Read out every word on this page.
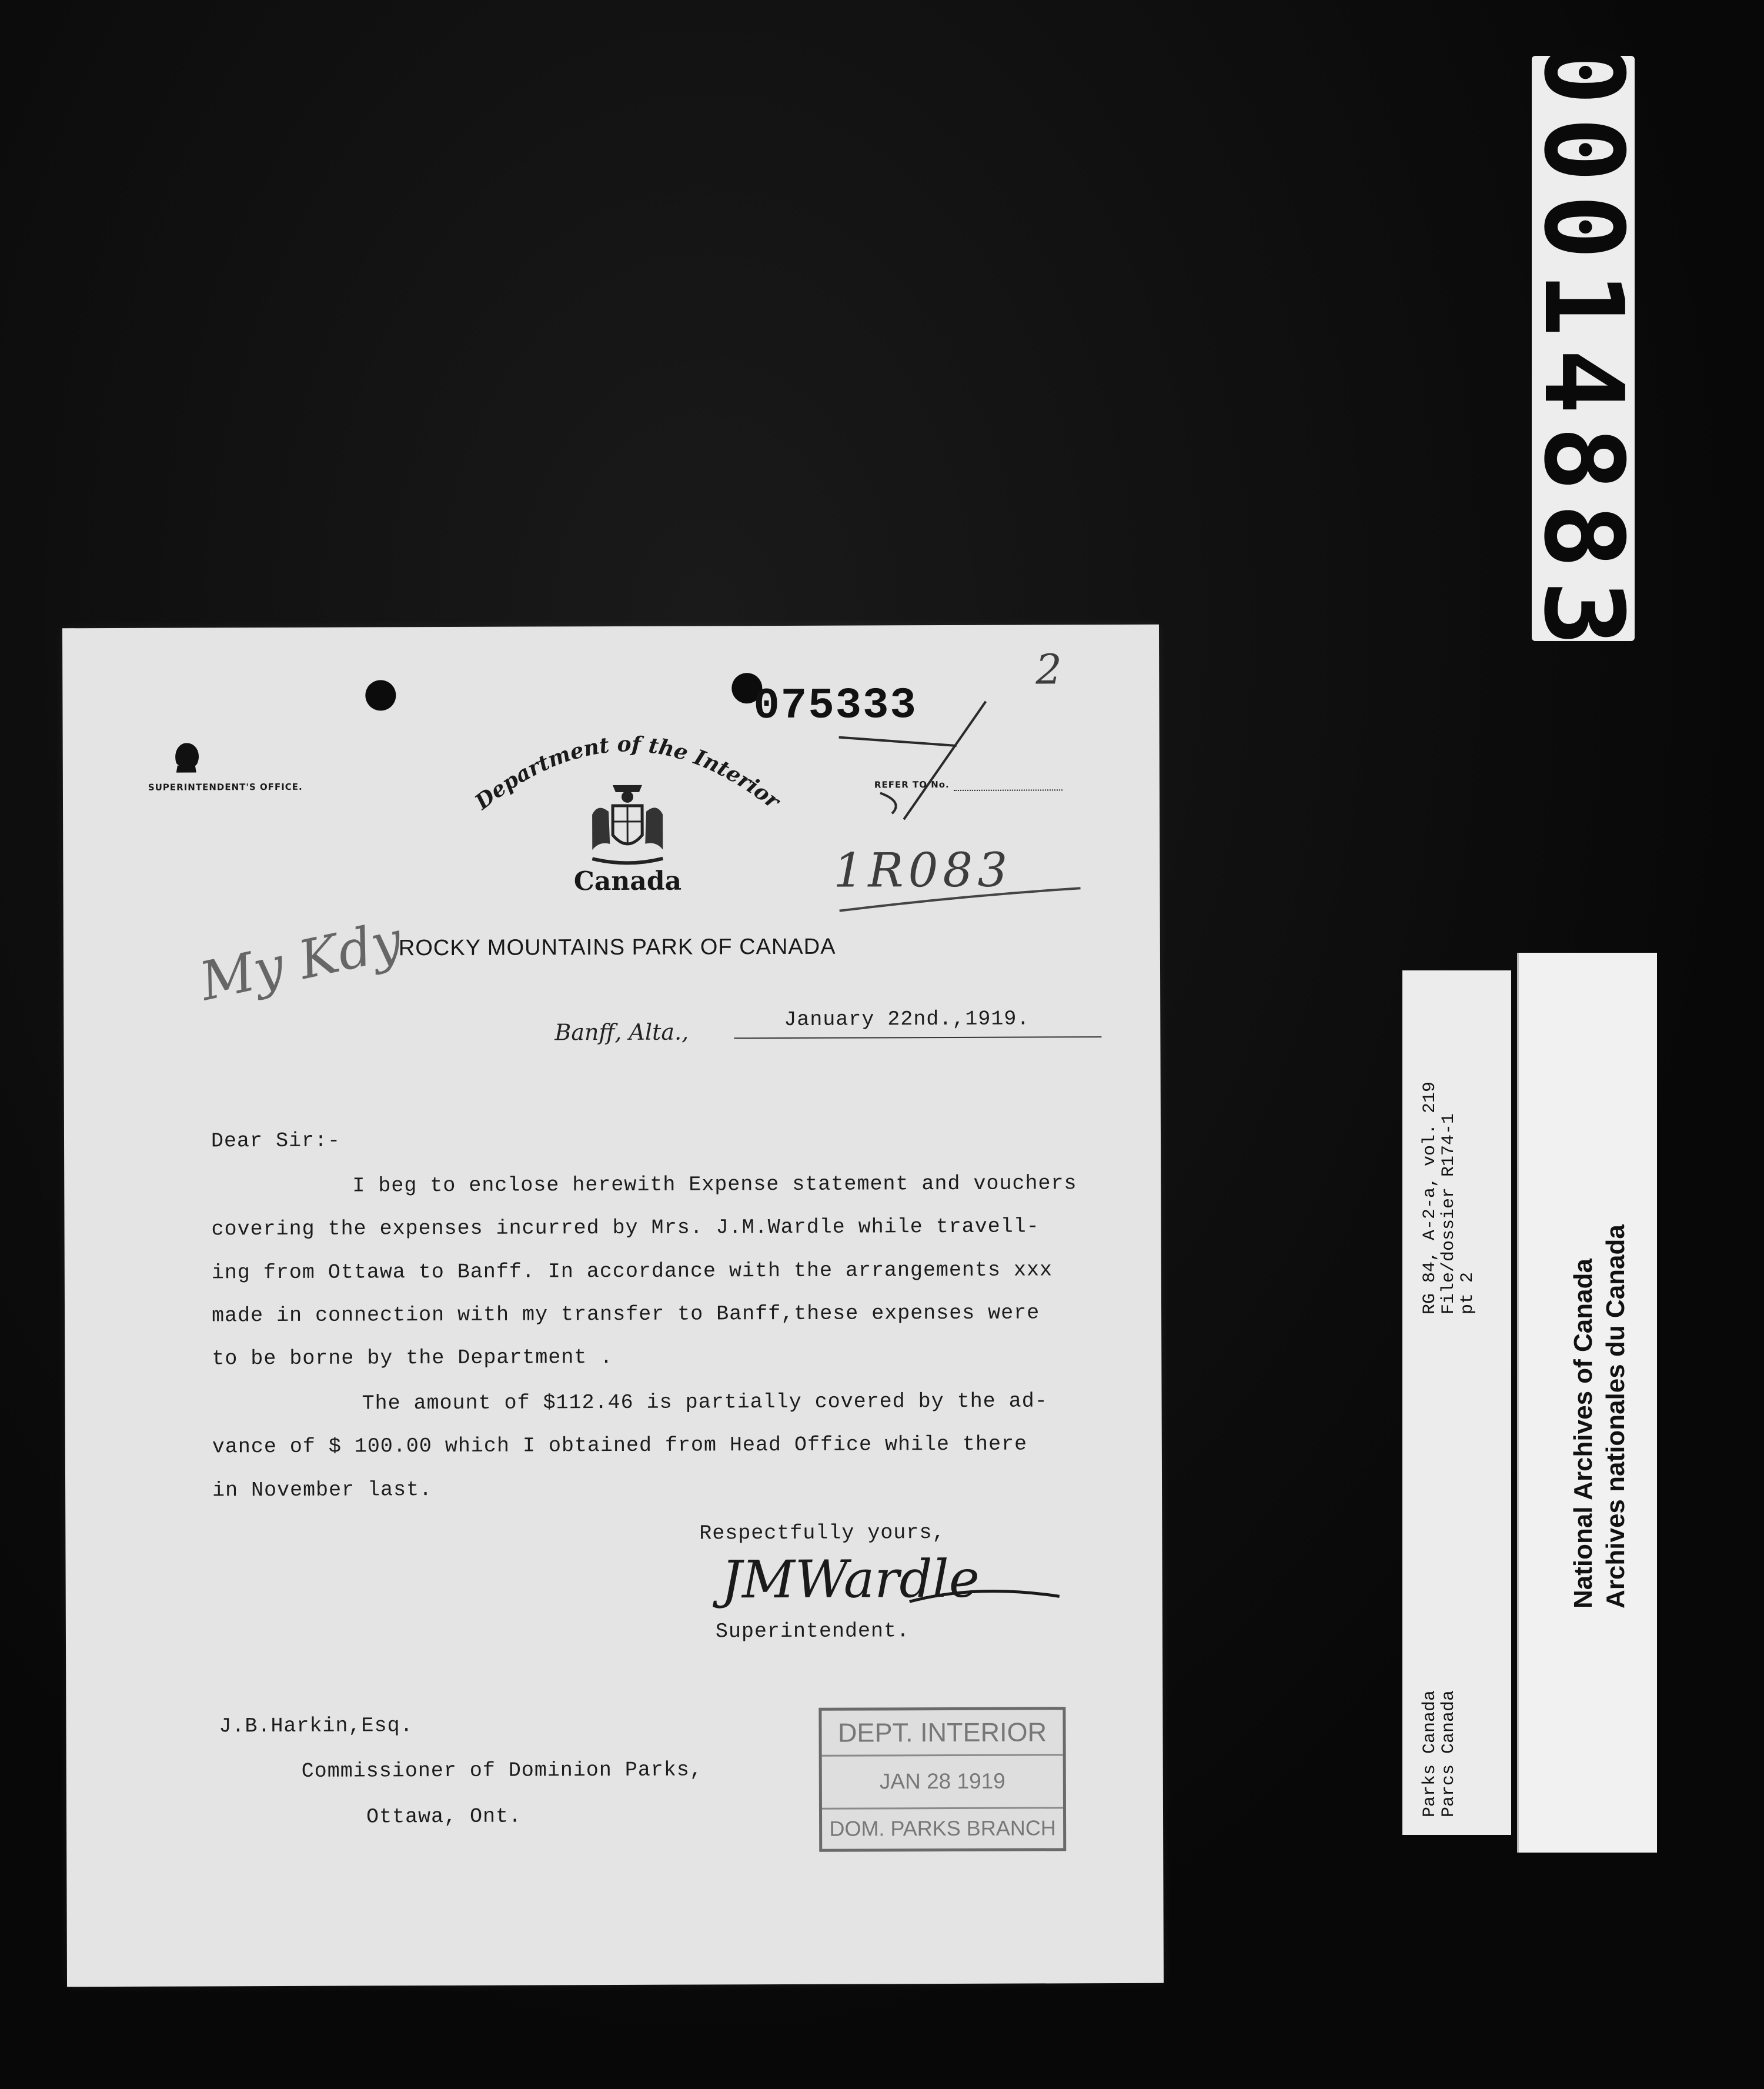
00014883
SUPERINTENDENT'S OFFICE.	Department of the Interior
Canada
ROCKY MOUNTAINS PARK OF CANADA
075333
2
REFER TO No.
1R083
My Kdy
Banff, Alta.,	January 22nd.,1919.
Dear Sir:-
I beg to enclose herewith Expense statement and vouchers
covering the expenses incurred by Mrs. J.M.Wardle while travell-
ing from Ottawa to Banff. In accordance with the arrangements xxx
made in connection with my transfer to Banff,these expenses were
to be borne by the Department .
The amount of $112.46 is partially covered by the ad-
vance of $ 100.00 which I obtained from Head Office while there
in November last.
Respectfully yours,
JMWardle
Superintendent.
J.B.Harkin,Esq.
Commissioner of Dominion Parks,
Ottawa, Ont.
DEPT. INTERIOR
JAN 28 1919
DOM. PARKS BRANCH
RG 84, A-2-a, vol. 219
File/dossier R174-1
pt 2
Parks Canada
Parcs Canada
National Archives of Canada Archives nationales du Canada
